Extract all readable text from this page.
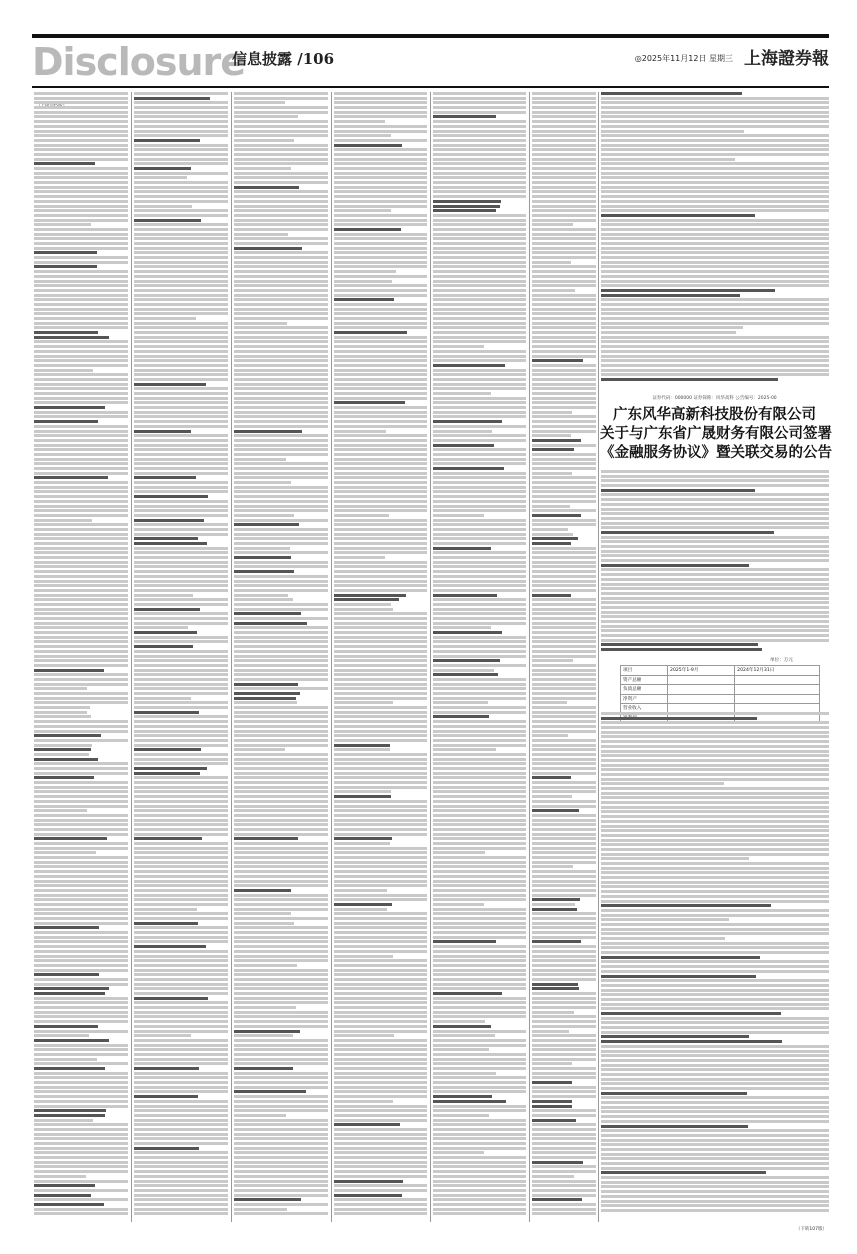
Disclosure
信息披露 /106	◎2025年11月12日 星期三 上海證券報
证券代码：000000 证券简称：风华高科 公告编号：2025-00
广东风华高新科技股份有限公司
关于与广东省广晟财务有限公司签署
《金融服务协议》暨关联交易的公告
单位：万元
项目	2025年1-9月	2024年12月31日
资产总额		
负债总额		
净资产		
营业收入		

（下转107版）
